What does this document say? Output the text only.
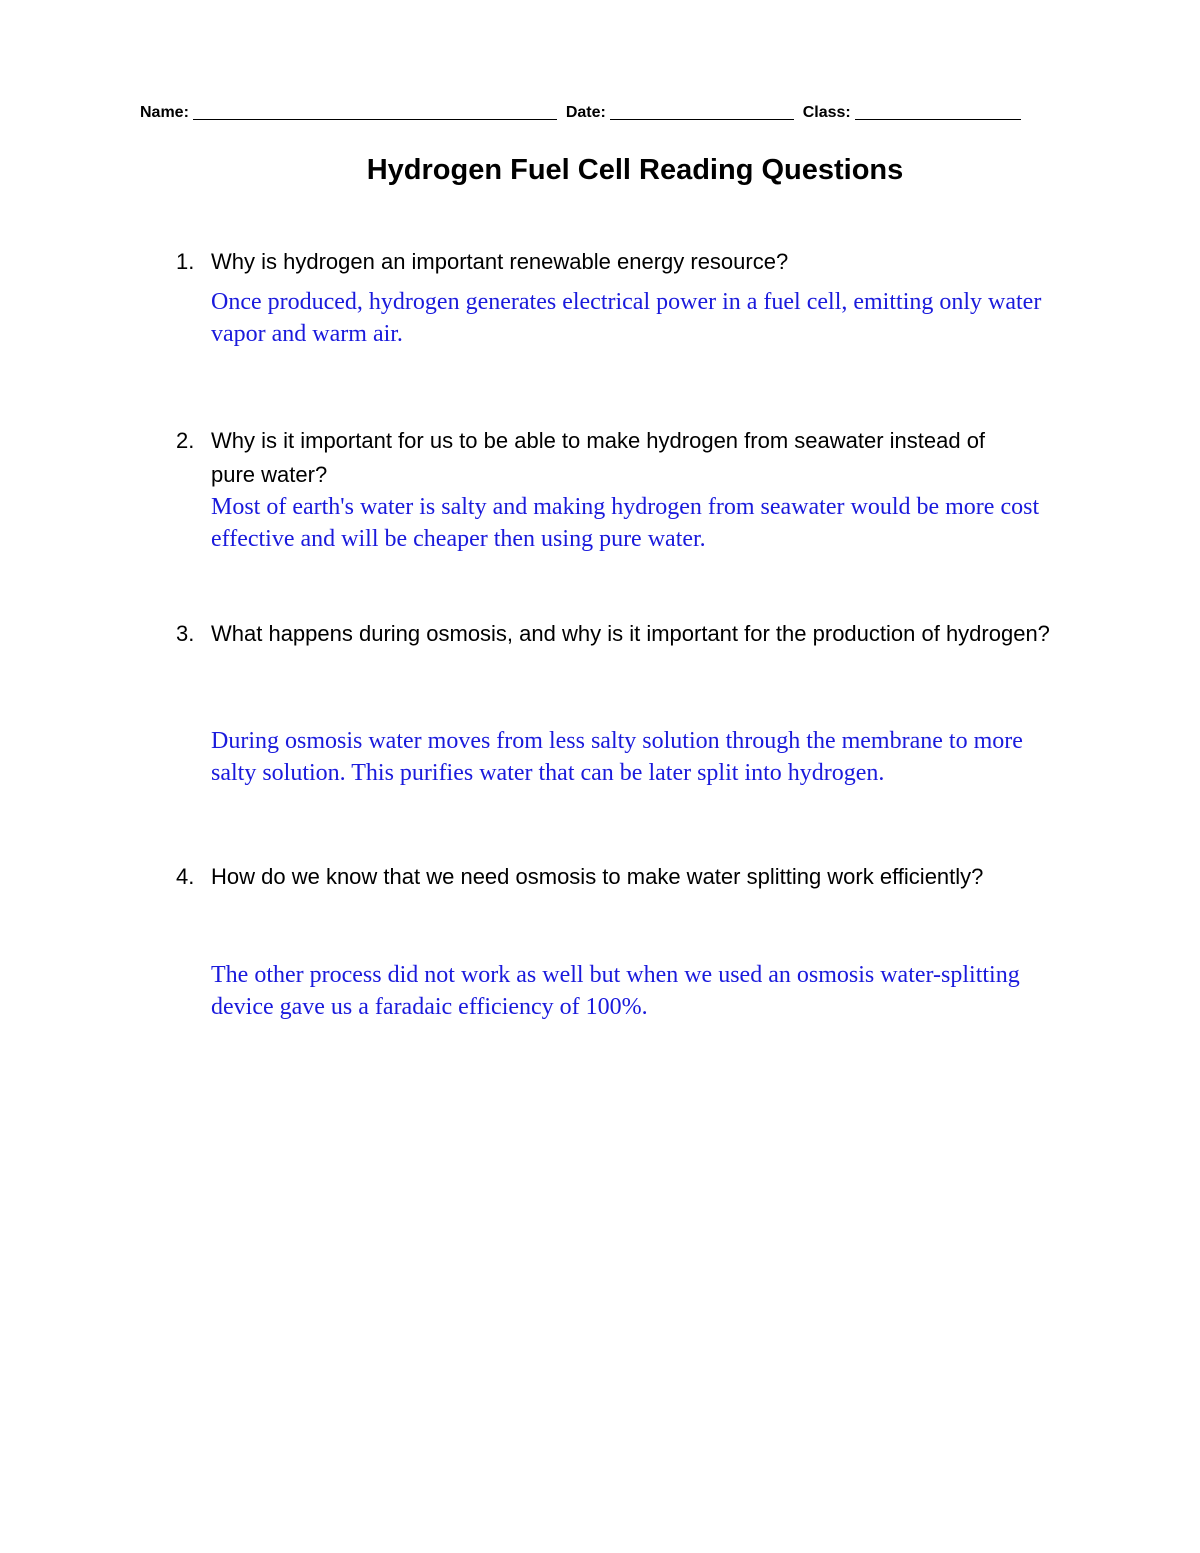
Name:	Date:	Class:
Hydrogen Fuel Cell Reading Questions
1. Why is hydrogen an important renewable energy resource?
Once produced, hydrogen generates electrical power in a fuel cell, emitting only water vapor and warm air.
2. Why is it important for us to be able to make hydrogen from seawater instead of pure water?
Most of earth's water is salty and making hydrogen from seawater would be more cost effective and will be cheaper then using pure water.
3. What happens during osmosis, and why is it important for the production of hydrogen?
During osmosis water moves from less salty solution through the membrane to more salty solution. This purifies water that can be later split into hydrogen.
4. How do we know that we need osmosis to make water splitting work efficiently?
The other process did not work as well but when we used an osmosis water-splitting device gave us a faradaic efficiency of 100%.
